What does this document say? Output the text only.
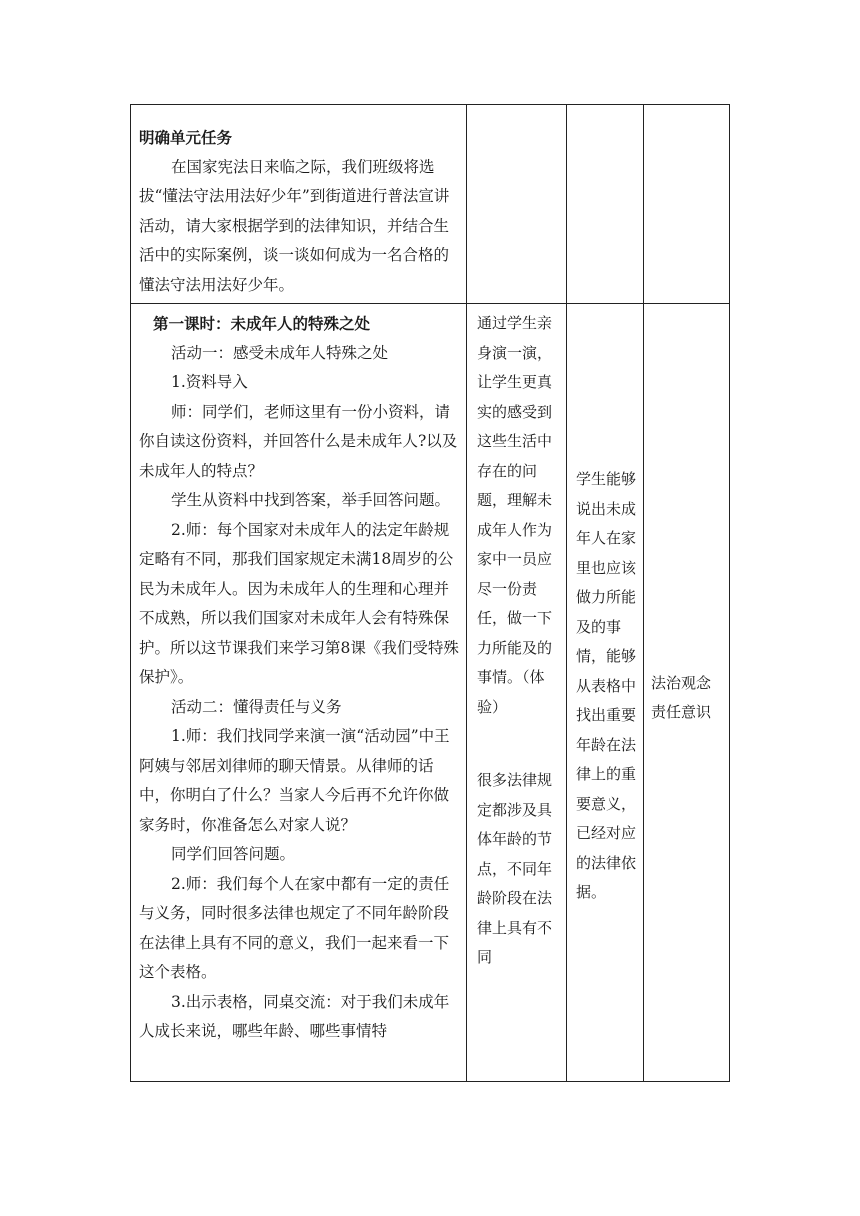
明确单元任务

在国家宪法日来临之际，我们班级将选拔“懂法守法用法好少年”到街道进行普法宣讲活动，请大家根据学到的法律知识，并结合生活中的实际案例，谈一谈如何成为一名合格的懂法守法用法好少年。

第一课时：未成年人的特殊之处

活动一：感受未成年人特殊之处

1.资料导入

师：同学们，老师这里有一份小资料，请你自读这份资料，并回答什么是未成年人?以及未成年人的特点？

学生从资料中找到答案，举手回答问题。

2.师：每个国家对未成年人的法定年龄规定略有不同，那我们国家规定未满18周岁的公民为未成年人。因为未成年人的生理和心理并不成熟，所以我们国家对未成年人会有特殊保护。所以这节课我们来学习第8课《我们受特殊保护》。

活动二：懂得责任与义务

1.师：我们找同学来演一演“活动园”中王阿姨与邻居刘律师的聊天情景。从律师的话中，你明白了什么？当家人今后再不允许你做家务时，你准备怎么对家人说？

同学们回答问题。

2.师：我们每个人在家中都有一定的责任与义务，同时很多法律也规定了不同年龄阶段在法律上具有不同的意义，我们一起来看一下这个表格。

3.出示表格，同桌交流：对于我们未成年人成长来说，哪些年龄、哪些事情特

通过学生亲身演一演，让学生更真实的感受到这些生活中存在的问题，理解未成年人作为家中一员应尽一份责任，做一下力所能及的事情。（体验）

很多法律规定都涉及具体年龄的节点，不同年龄阶段在法律上具有不同

学生能够说出未成年人在家里也应该做力所能及的事情，能够从表格中找出重要年龄在法律上的重要意义，已经对应的法律依据。

法治观念

责任意识
